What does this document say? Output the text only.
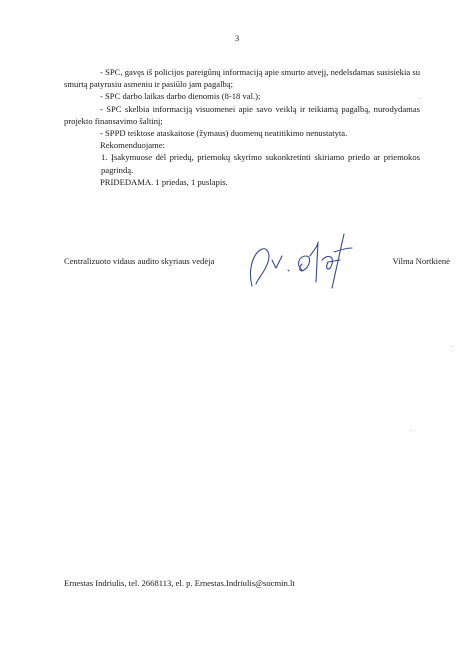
3

- SPC, gavęs iš policijos pareigūnų informaciją apie smurto atvejį, nedelsdamas susisiekia su smurtą patyrusiu asmeniu ir pasiūlo jam pagalbą;

- SPC darbo laikas darbo dienomis (8-18 val.);

- SPC skelbia informaciją visuomenei apie savo veiklą ir teikiamą pagalbą, nurodydamas projekto finansavimo šaltinį;

- SPPD teiktose ataskaitose (žymaus) duomenų neatitikimo nenustatyta.

Rekomenduojame:

1. Įsakymuose dėl priedų, priemokų skyrimo sukonkretinti skiriamo priedo ar priemokos pagrindą.

PRIDEDAMA. 1 priedas, 1 puslapis.

Centralizuoto vidaus audito skyriaus vedėja	Vilma Nortkienė
Ernestas Indriulis, tel. 2668113, el. p. Ernestas.Indriulis@socmin.lt
